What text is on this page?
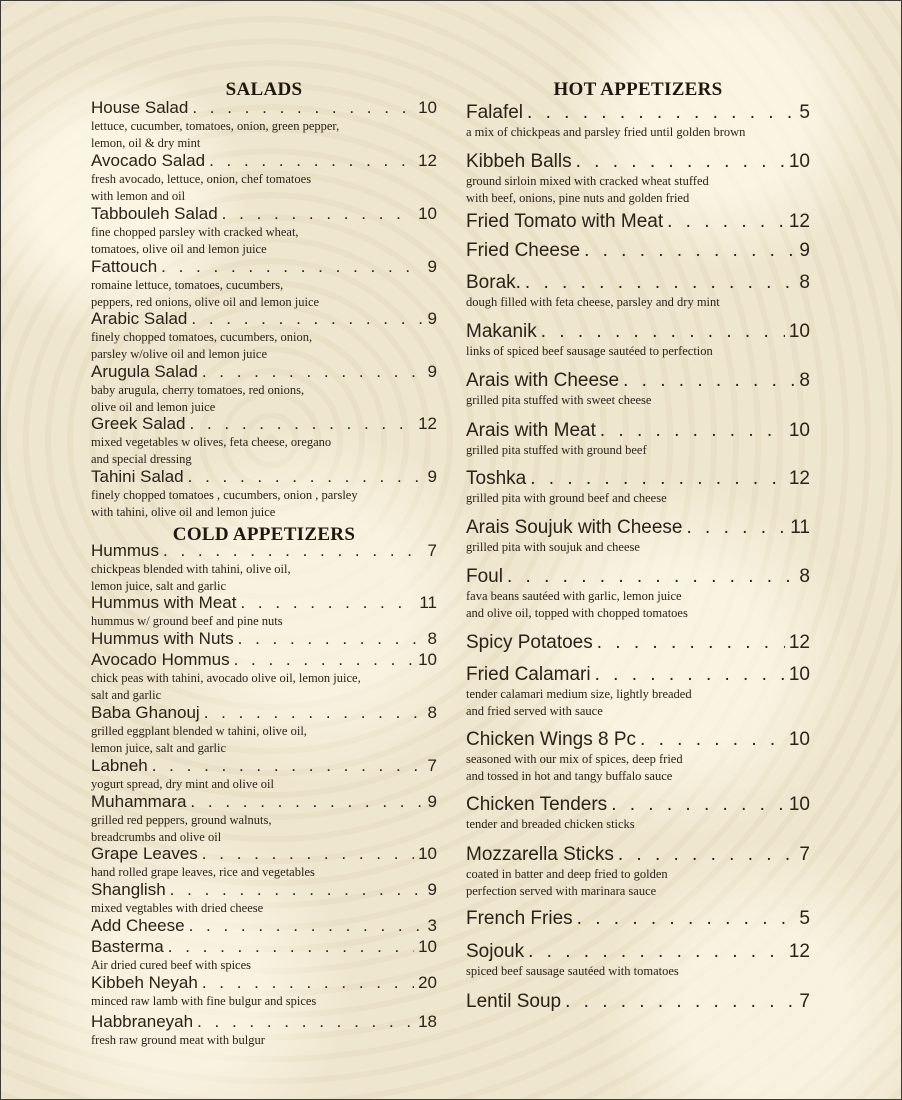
SALADS
House Salad . . .	10
lettuce, cucumber, tomatoes, onion, green pepper,
lemon, oil & dry mint
Avocado Salad . . .	12
fresh avocado, lettuce, onion, chef tomatoes
with lemon and oil
Tabbouleh Salad . . .	10
fine chopped parsley with cracked wheat,
tomatoes, olive oil and lemon juice
Fattouch . . .	9
romaine lettuce, tomatoes, cucumbers,
peppers, red onions, olive oil and lemon juice
Arabic Salad . . .	9
finely chopped tomatoes, cucumbers, onion,
parsley w/olive oil and lemon juice
Arugula Salad . . .	9
baby arugula, cherry tomatoes, red onions,
olive oil and lemon juice
Greek Salad . . .	12
mixed vegetables w olives, feta cheese, oregano
and special dressing
Tahini Salad . . .	9
finely chopped tomatoes , cucumbers, onion , parsley
with tahini, olive oil and lemon juice
COLD APPETIZERS
Hummus . . .	7
chickpeas blended with tahini, olive oil,
lemon juice, salt and garlic
Hummus with Meat . . .	11
hummus w/ ground beef and pine nuts
Hummus with Nuts . . .	8
Avocado Hommus . . .	10
chick peas with tahini, avocado olive oil, lemon juice,
salt and garlic
Baba Ghanouj . . .	8
grilled eggplant blended w tahini, olive oil,
lemon juice, salt and garlic
Labneh . . .	7
yogurt spread, dry mint and olive oil
Muhammara . . .	9
grilled red peppers, ground walnuts,
breadcrumbs and olive oil
Grape Leaves . . .	10
hand rolled grape leaves, rice and vegetables
Shanglish . . .	9
mixed vegtables with dried cheese
Add Cheese . . .	3
Basterma . . .	10
Air dried cured beef with spices
Kibbeh Neyah . . .	20
minced raw lamb with fine bulgur and spices
Habbraneyah . . .	18
fresh raw ground meat with bulgur
HOT APPETIZERS
Falafel . . .	5
a mix of chickpeas and parsley fried until golden brown
Kibbeh Balls . . .	10
ground sirloin mixed with cracked wheat stuffed
with beef, onions, pine nuts and golden fried
Fried Tomato with Meat . . .	12
Fried Cheese . . .	9
Borak. . . .	8
dough filled with feta cheese, parsley and dry mint
Makanik . . .	10
links of spiced beef sausage sautéed to perfection
Arais with Cheese . . .	8
grilled pita stuffed with sweet cheese
Arais with Meat . . .	10
grilled pita stuffed with ground beef
Toshka . . .	12
grilled pita with ground beef and cheese
Arais Soujuk with Cheese . . .	11
grilled pita with soujuk and cheese
Foul . . .	8
fava beans sautéed with garlic, lemon juice
and olive oil, topped with chopped tomatoes
Spicy Potatoes . . .	12
Fried Calamari . . .	10
tender calamari medium size, lightly breaded
and fried served with sauce
Chicken Wings 8 Pc . . .	10
seasoned with our mix of spices, deep fried
and tossed in hot and tangy buffalo sauce
Chicken Tenders . . .	10
tender and breaded chicken sticks
Mozzarella Sticks . . .	7
coated in batter and deep fried to golden
perfection served with marinara sauce
French Fries . . .	5
Sojouk . . .	12
spiced beef sausage sautéed with tomatoes
Lentil Soup . . .	7
